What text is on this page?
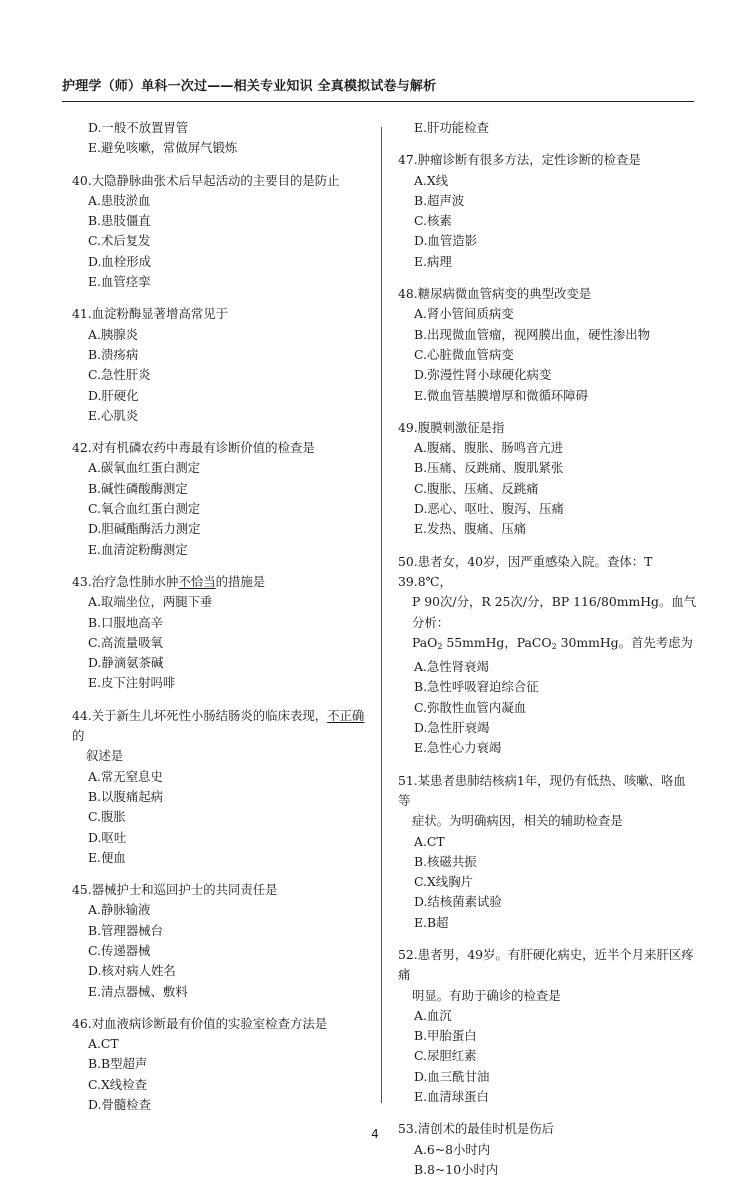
护理学（师）单科一次过——相关专业知识 全真模拟试卷与解析
D.一般不放置胃管
E.避免咳嗽，常做屏气锻炼
40.大隐静脉曲张术后早起活动的主要目的是防止
A.患肢淤血
B.患肢僵直
C.术后复发
D.血栓形成
E.血管痉挛
41.血淀粉酶显著增高常见于
A.胰腺炎
B.溃疡病
C.急性肝炎
D.肝硬化
E.心肌炎
42.对有机磷农药中毒最有诊断价值的检查是
A.碳氧血红蛋白测定
B.碱性磷酸酶测定
C.氧合血红蛋白测定
D.胆碱酯酶活力测定
E.血清淀粉酶测定
43.治疗急性肺水肿不恰当的措施是
A.取端坐位，两腿下垂
B.口服地高辛
C.高流量吸氧
D.静滴氨茶碱
E.皮下注射吗啡
44.关于新生儿坏死性小肠结肠炎的临床表现，不正确的
叙述是
A.常无窒息史
B.以腹痛起病
C.腹胀
D.呕吐
E.便血
45.器械护士和巡回护士的共同责任是
A.静脉输液
B.管理器械台
C.传递器械
D.核对病人姓名
E.清点器械、敷料
46.对血液病诊断最有价值的实验室检查方法是
A.CT
B.B型超声
C.X线检查
D.骨髓检查
E.肝功能检查
47.肿瘤诊断有很多方法，定性诊断的检查是
A.X线
B.超声波
C.核素
D.血管造影
E.病理
48.糖尿病微血管病变的典型改变是
A.肾小管间质病变
B.出现微血管瘤，视网膜出血，硬性渗出物
C.心脏微血管病变
D.弥漫性肾小球硬化病变
E.微血管基膜增厚和微循环障碍
49.腹膜刺激征是指
A.腹痛、腹胀、肠鸣音亢进
B.压痛、反跳痛、腹肌紧张
C.腹胀、压痛、反跳痛
D.恶心、呕吐、腹泻、压痛
E.发热、腹痛、压痛
50.患者女，40岁，因严重感染入院。查体：T 39.8℃，
P 90次/分，R 25次/分，BP 116/80mmHg。血气分析：
PaO$_2$ 55mmHg，PaCO$_2$ 30mmHg。首先考虑为
A.急性肾衰竭
B.急性呼吸窘迫综合征
C.弥散性血管内凝血
D.急性肝衰竭
E.急性心力衰竭
51.某患者患肺结核病1年，现仍有低热、咳嗽、咯血等
症状。为明确病因，相关的辅助检查是
A.CT
B.核磁共振
C.X线胸片
D.结核菌素试验
E.B超
52.患者男，49岁。有肝硬化病史，近半个月来肝区疼痛
明显。有助于确诊的检查是
A.血沉
B.甲胎蛋白
C.尿胆红素
D.血三酰甘油
E.血清球蛋白
53.清创术的最佳时机是伤后
A.6~8小时内
B.8~10小时内
4
